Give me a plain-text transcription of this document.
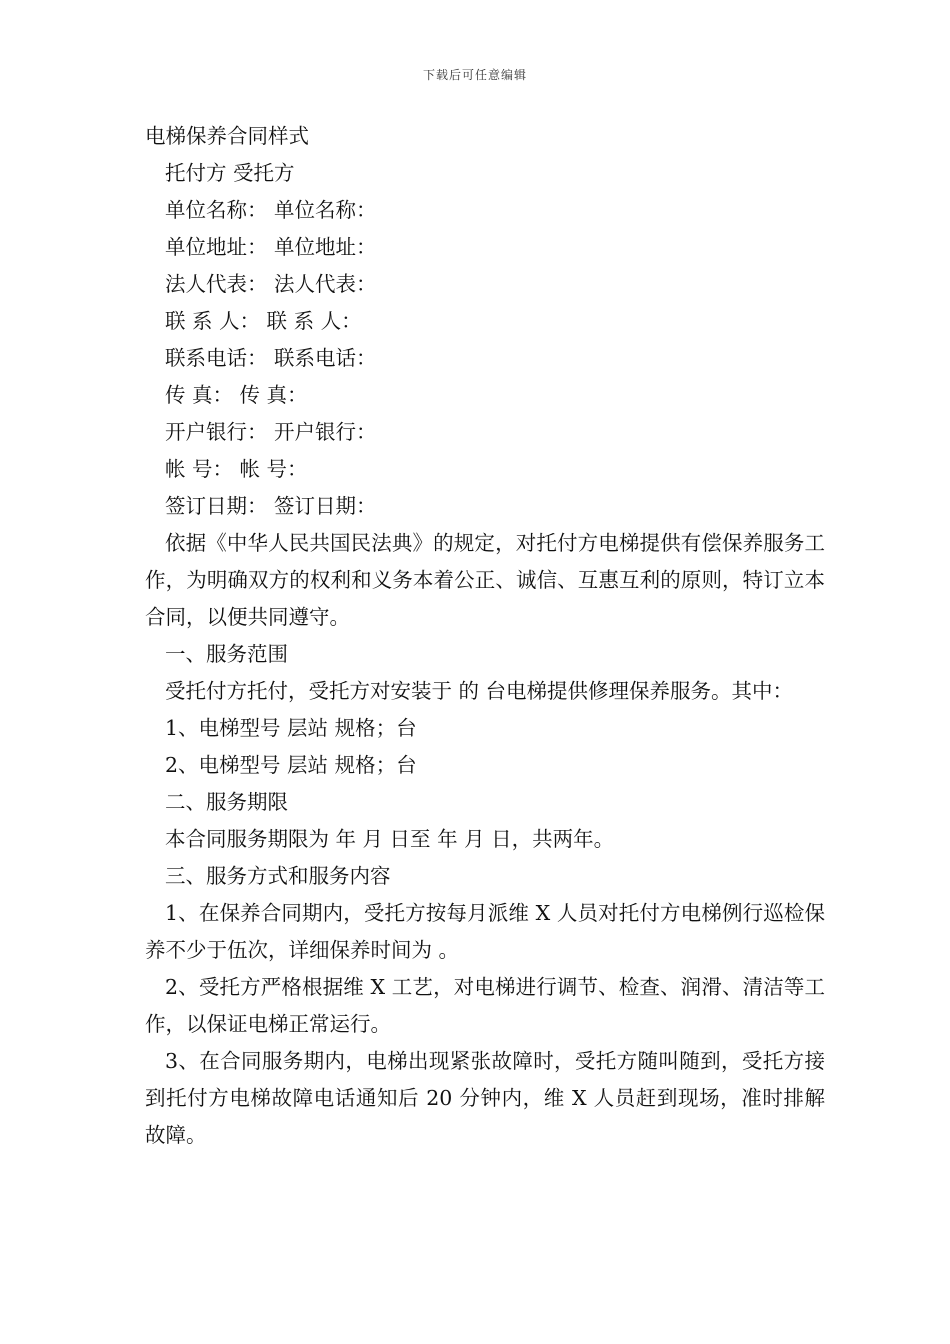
下载后可任意编辑
电梯保养合同样式
托付方 受托方
单位名称： 单位名称：
单位地址： 单位地址：
法人代表： 法人代表：
联 系 人： 联 系 人：
联系电话： 联系电话：
传 真： 传 真：
开户银行： 开户银行：
帐 号： 帐 号：
签订日期： 签订日期：

依据《中华人民共国民法典》的规定，对托付方电梯提供有偿保养服务工作，为明确双方的权利和义务本着公正、诚信、互惠互利的原则，特订立本合同，以便共同遵守。

一、服务范围

受托付方托付，受托方对安装于 的 台电梯提供修理保养服务。其中：

1、电梯型号 层站 规格；台
2、电梯型号 层站 规格；台
二、服务期限
本合同服务期限为 年 月 日至 年 月 日，共两年。
三、服务方式和服务内容

1、在保养合同期内，受托方按每月派维 X 人员对托付方电梯例行巡检保养不少于伍次，详细保养时间为 。

2、受托方严格根据维 X 工艺，对电梯进行调节、检查、润滑、清洁等工作，以保证电梯正常运行。

3、在合同服务期内，电梯出现紧张故障时，受托方随叫随到，受托方接到托付方电梯故障电话通知后 20 分钟内，维 X 人员赶到现场，准时排解故障。
